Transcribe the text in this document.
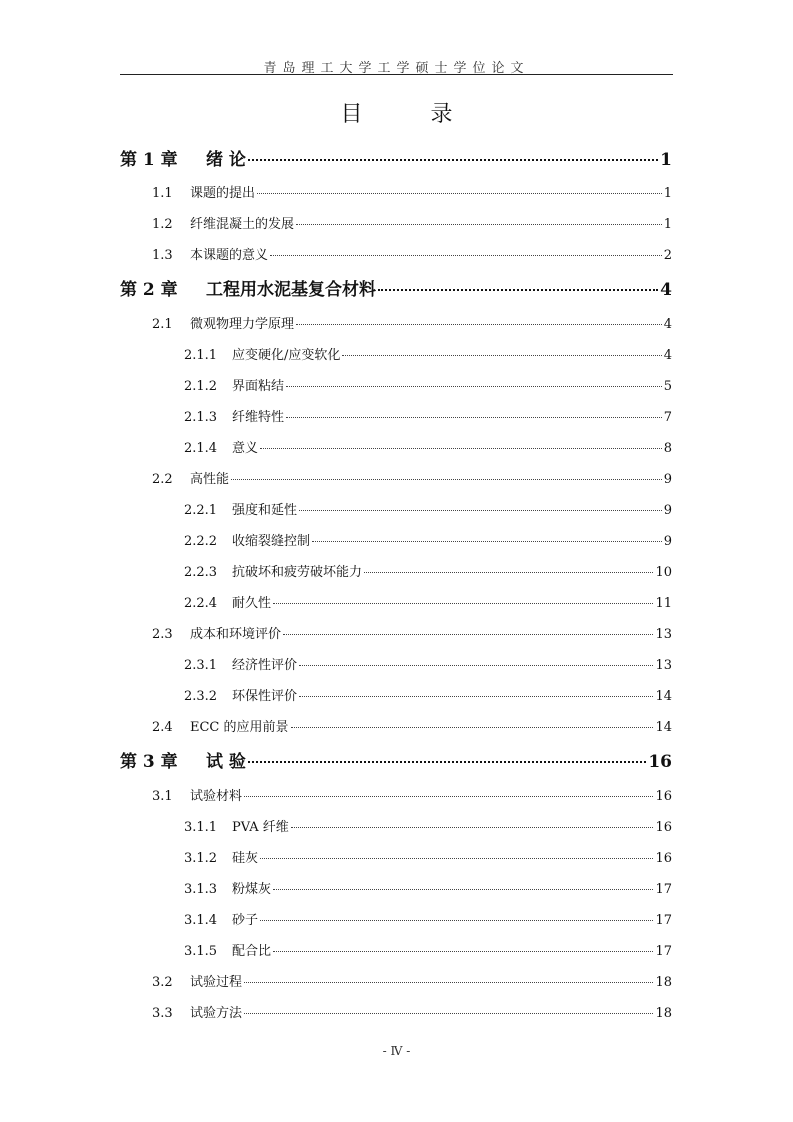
青岛理工大学工学硕士学位论文
目	录
第 1 章	绪 论	1
1.1	课题的提出	1
1.2	纤维混凝土的发展	1
1.3	本课题的意义	2
第 2 章	工程用水泥基复合材料	4
2.1	微观物理力学原理	4
2.1.1	应变硬化/应变软化	4
2.1.2	界面粘结	5
2.1.3	纤维特性	7
2.1.4	意义	8
2.2	高性能	9
2.2.1	强度和延性	9
2.2.2	收缩裂缝控制	9
2.2.3	抗破坏和疲劳破坏能力	10
2.2.4	耐久性	11
2.3	成本和环境评价	13
2.3.1	经济性评价	13
2.3.2	环保性评价	14
2.4	ECC 的应用前景	14
第 3 章	试 验	16
3.1	试验材料	16
3.1.1	PVA 纤维	16
3.1.2	硅灰	16
3.1.3	粉煤灰	17
3.1.4	砂子	17
3.1.5	配合比	17
3.2	试验过程	18
3.3	试验方法	18
- Ⅳ -
